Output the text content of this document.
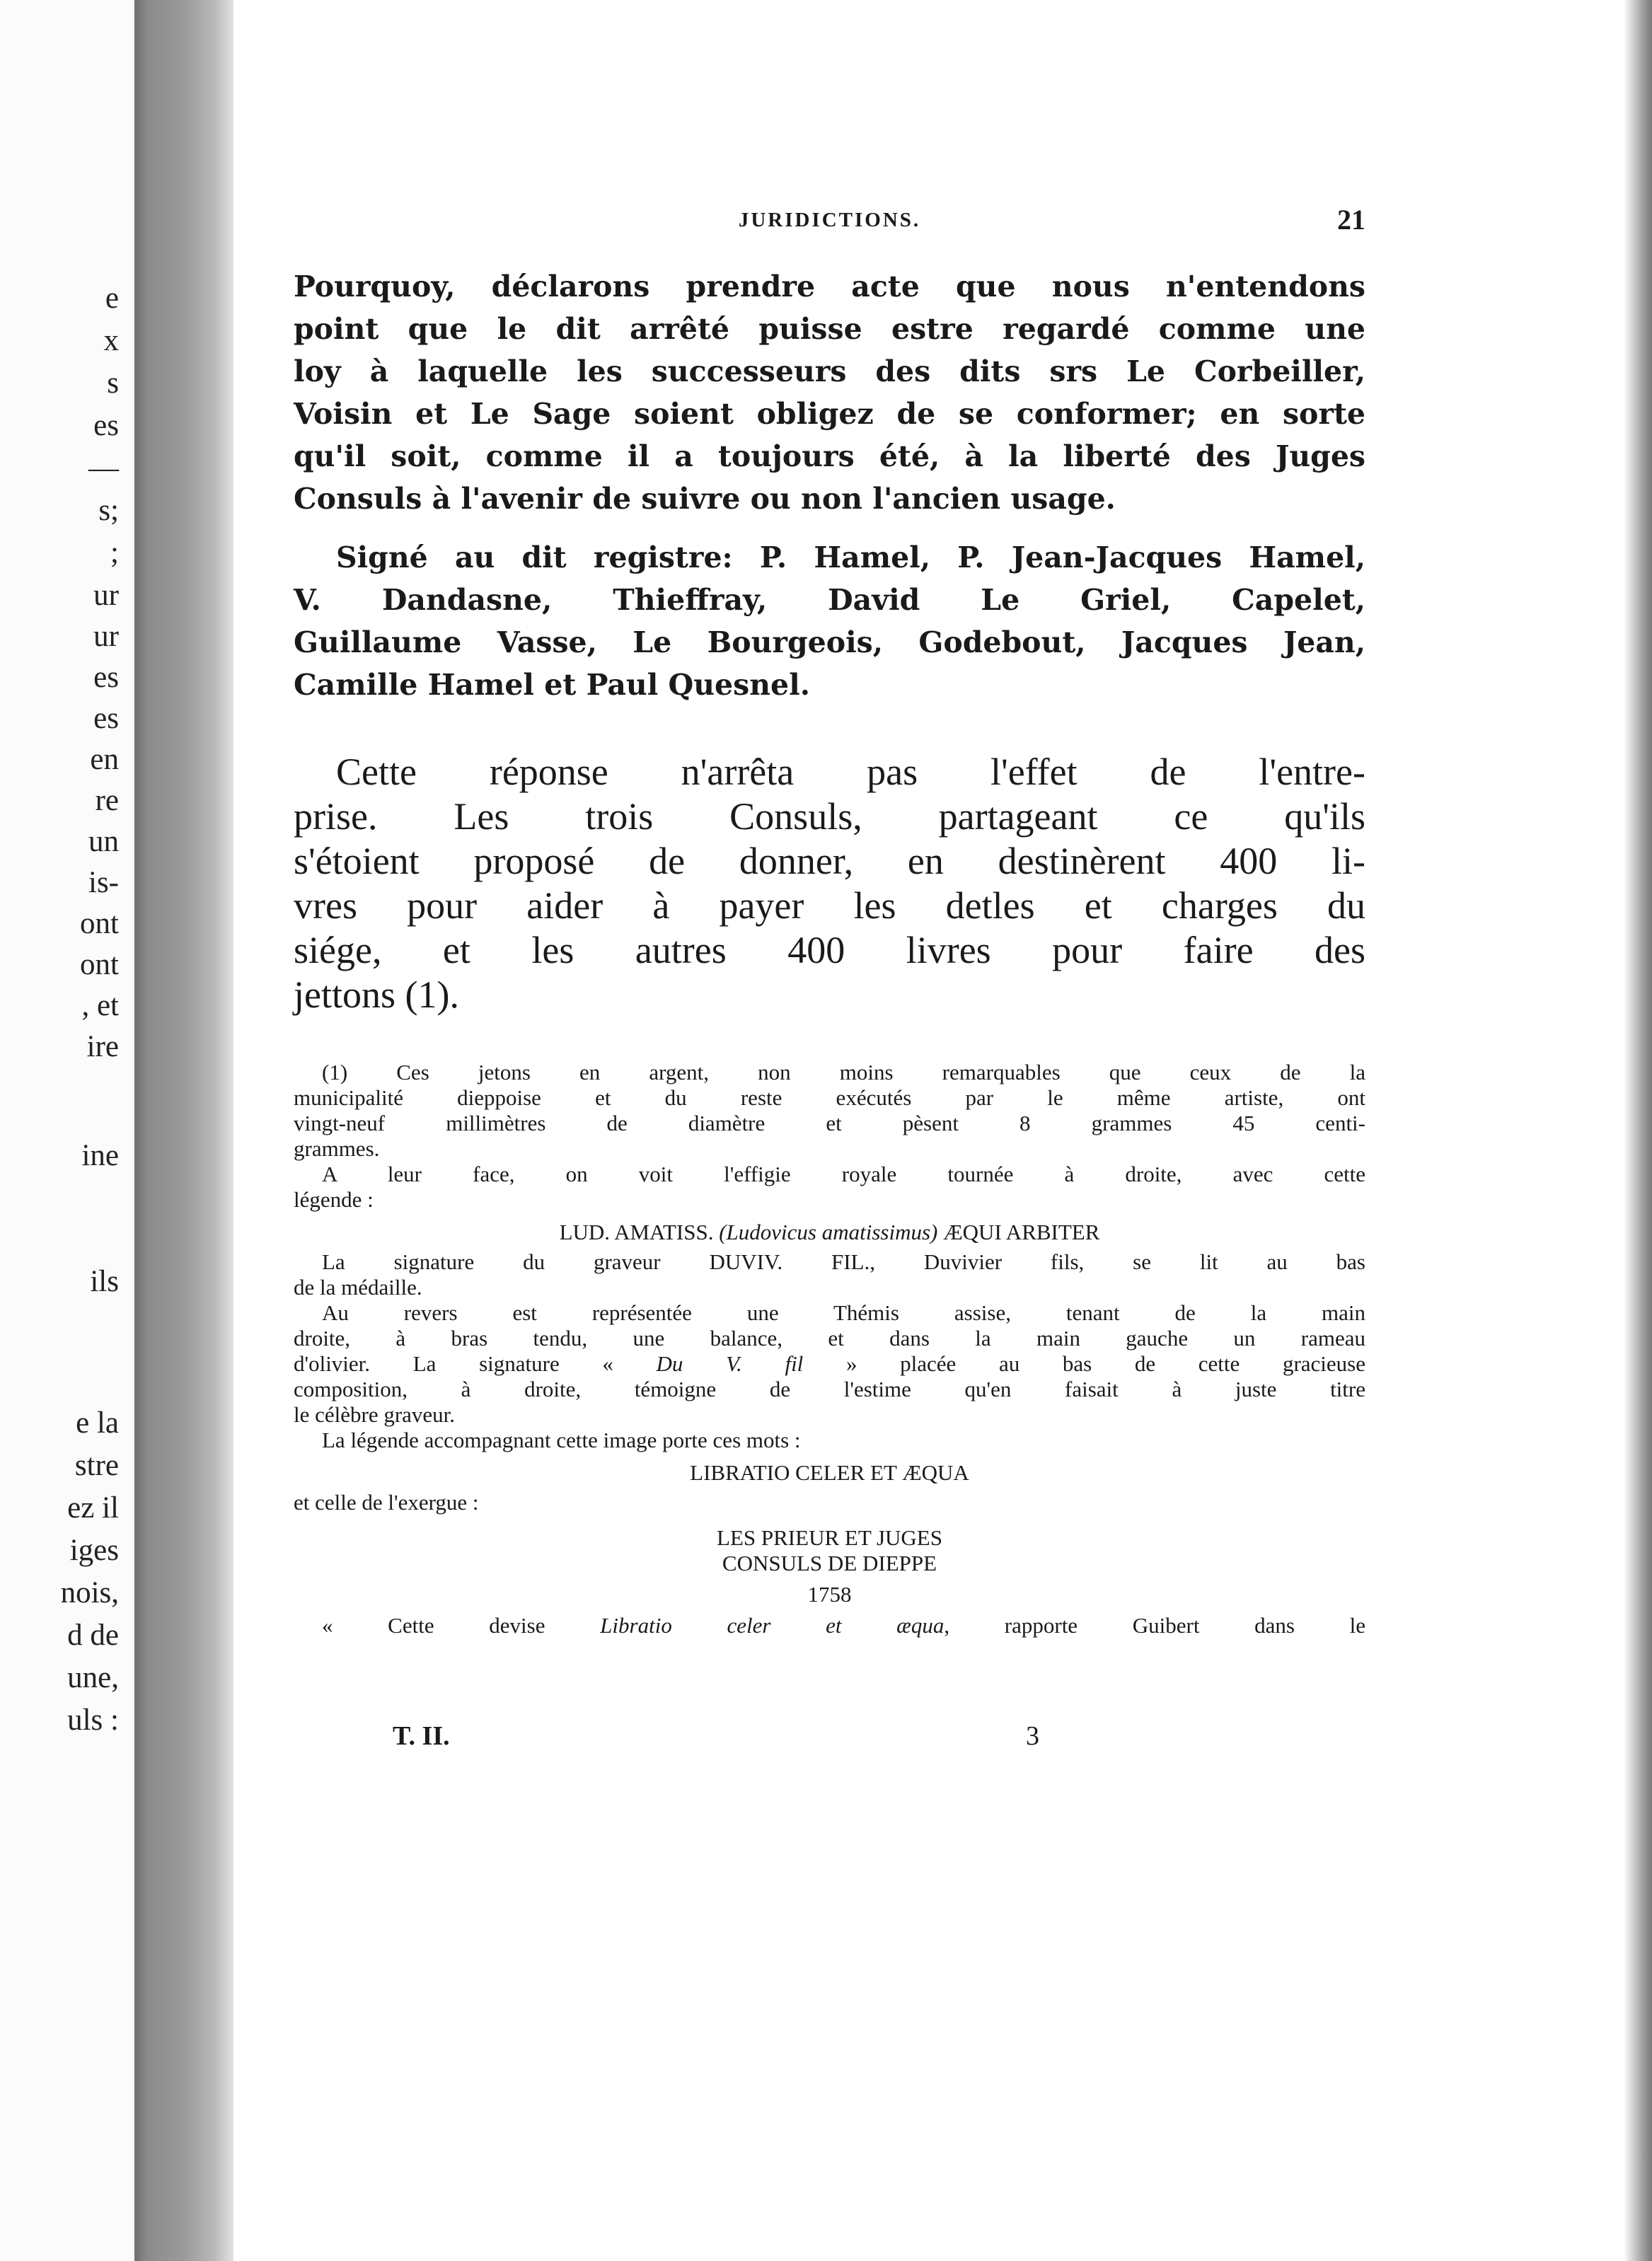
e
x
s
es
—
s;
;
ur
ur
es
es
en
re
un
is-
ont
ont
, et
ire
ine
ils
e la
stre
ez il
iges
nois,
d de
une,
uls :
JURIDICTIONS.	21
Pourquoy, déclarons prendre acte que nous n'entendons
point que le dit arrêté puisse estre regardé comme une
loy à laquelle les successeurs des dits srs Le Corbeiller,
Voisin et Le Sage soient obligez de se conformer; en sorte
qu'il soit, comme il a toujours été, à la liberté des Juges
Consuls à l'avenir de suivre ou non l'ancien usage.
Signé au dit registre: P. Hamel, P. Jean-Jacques Hamel,
V. Dandasne, Thieffray, David Le Griel, Capelet,
Guillaume Vasse, Le Bourgeois, Godebout, Jacques Jean,
Camille Hamel et Paul Quesnel.
Cette réponse n'arrêta pas l'effet de l'entre-
prise. Les trois Consuls, partageant ce qu'ils
s'étoient proposé de donner, en destinèrent 400 li-
vres pour aider à payer les detles et charges du
siége, et les autres 400 livres pour faire des
jettons (1).
(1) Ces jetons en argent, non moins remarquables que ceux de la
municipalité dieppoise et du reste exécutés par le même artiste, ont
vingt-neuf millimètres de diamètre et pèsent 8 grammes 45 centi-
grammes.
A leur face, on voit l'effigie royale tournée à droite, avec cette
légende :
LUD. AMATISS. (Ludovicus amatissimus) ÆQUI ARBITER
La signature du graveur DUVIV. FIL., Duvivier fils, se lit au bas
de la médaille.
Au revers est représentée une Thémis assise, tenant de la main
droite, à bras tendu, une balance, et dans la main gauche un rameau
d'olivier. La signature « Du V. fil » placée au bas de cette gracieuse
composition, à droite, témoigne de l'estime qu'en faisait à juste titre
le célèbre graveur.
La légende accompagnant cette image porte ces mots :
LIBRATIO CELER ET ÆQUA
et celle de l'exergue :
LES PRIEUR ET JUGES
CONSULS DE DIEPPE
1758
« Cette devise	Libratio celer et æqua, rapporte Guibert dans le
T. II.	3
